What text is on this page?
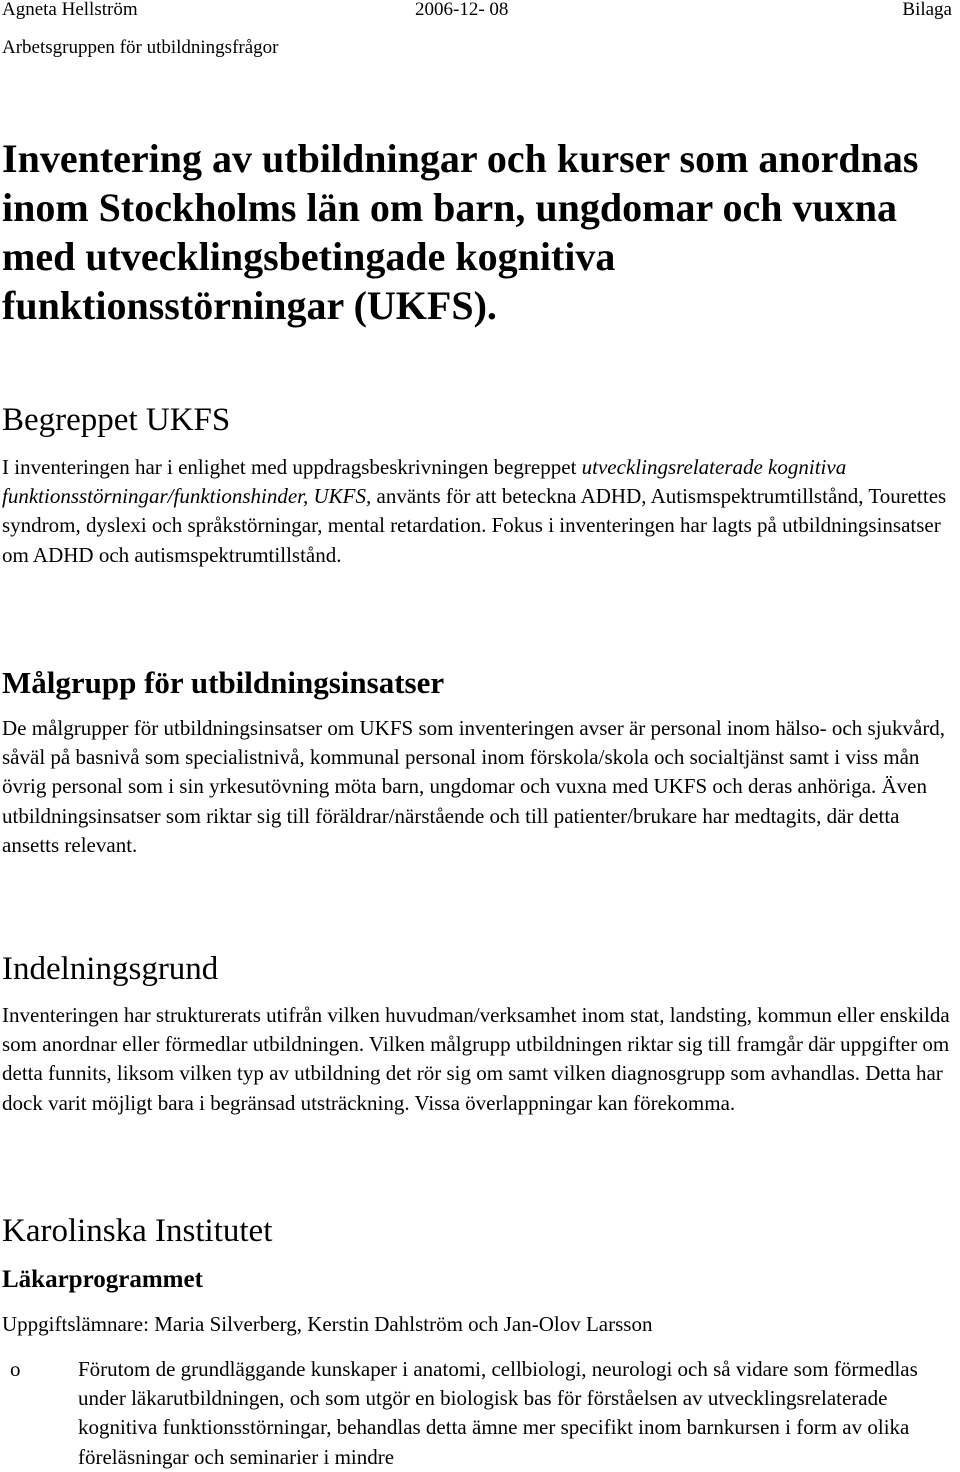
Agneta Hellström	2006-12- 08	Bilaga
Arbetsgruppen för utbildningsfrågor
Inventering av utbildningar och kurser som anordnas inom Stockholms län om barn, ungdomar och vuxna med utvecklingsbetingade kognitiva funktionsstörningar (UKFS).
Begreppet UKFS

I inventeringen har i enlighet med uppdragsbeskrivningen begreppet utvecklingsrelaterade kognitiva funktionsstörningar/funktionshinder, UKFS, använts för att beteckna ADHD, Autismspektrumtillstånd, Tourettes syndrom, dyslexi och språkstörningar, mental retardation. Fokus i inventeringen har lagts på utbildningsinsatser om ADHD och autismspektrumtillstånd.

Målgrupp för utbildningsinsatser

De målgrupper för utbildningsinsatser om UKFS som inventeringen avser är personal inom hälso- och sjukvård, såväl på basnivå som specialistnivå, kommunal personal inom förskola/skola och socialtjänst samt i viss mån övrig personal som i sin yrkesutövning möta barn, ungdomar och vuxna med UKFS och deras anhöriga. Även utbildningsinsatser som riktar sig till föräldrar/närstående och till patienter/brukare har medtagits, där detta ansetts relevant.

Indelningsgrund

Inventeringen har strukturerats utifrån vilken huvudman/verksamhet inom stat, landsting, kommun eller enskilda som anordnar eller förmedlar utbildningen. Vilken målgrupp utbildningen riktar sig till framgår där uppgifter om detta funnits, liksom vilken typ av utbildning det rör sig om samt vilken diagnosgrupp som avhandlas. Detta har dock varit möjligt bara i begränsad utsträckning. Vissa överlappningar kan förekomma.

Karolinska Institutet
Läkarprogrammet

Uppgiftslämnare: Maria Silverberg, Kerstin Dahlström och Jan-Olov Larsson

o	Förutom de grundläggande kunskaper i anatomi, cellbiologi, neurologi och så vidare som förmedlas under läkarutbildningen, och som utgör en biologisk bas för förståelsen av utvecklingsrelaterade kognitiva funktionsstörningar, behandlas detta ämne mer specifikt inom barnkursen i form av olika föreläsningar och seminarier i mindre
